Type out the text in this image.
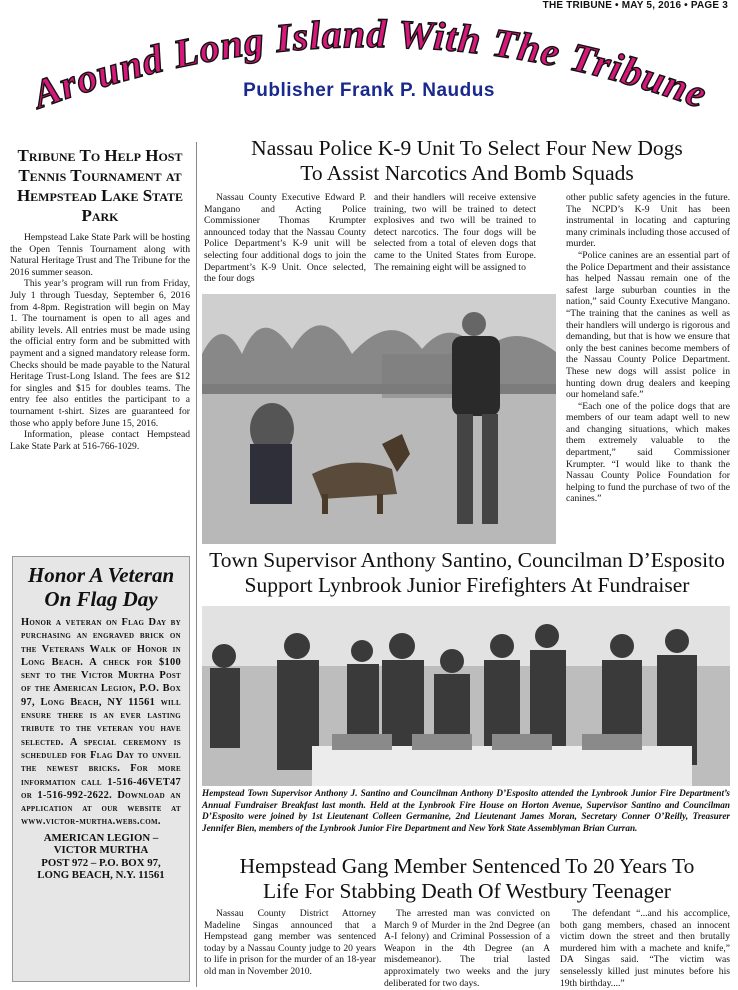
THE TRIBUNE • MAY 5, 2016 • PAGE 3
Around Long Island With The Tribune
Publisher Frank P. Naudus
Tribune To Help Host Tennis Tournament at Hempstead Lake State Park

Hempstead Lake State Park will be hosting the Open Tennis Tournament along with Natural Heritage Trust and The Tribune for the 2016 summer season.

This year’s program will run from Friday, July 1 through Tuesday, September 6, 2016 from 4-8pm. Registration will begin on May 1. The tournament is open to all ages and ability levels. All entries must be made using the official entry form and be submitted with payment and a signed mandatory release form. Checks should be made payable to the Natural Heritage Trust-Long Island. The fees are $12 for singles and $15 for doubles teams. The entry fee also entitles the participant to a tournament t-shirt. Sizes are guaranteed for those who apply before June 15, 2016.

Information, please contact Hempstead Lake State Park at 516-766-1029.

Honor A Veteran On Flag Day
Honor a veteran on Flag Day by purchasing an engraved brick on the Veterans Walk of Honor in Long Beach. A check for $100 sent to the Victor Murtha Post of the American Legion, P.O. Box 97, Long Beach, NY 11561 will ensure there is an ever lasting tribute to the veteran you have selected. A special ceremony is scheduled for Flag Day to unveil the newest bricks. For more information call 1-516-46VET47 or 1-516-992-2622. Download an application at our website at www.victor-murtha.webs.com.
AMERICAN LEGION –
VICTOR MURTHA
POST 972 – P.O. BOX 97,
LONG BEACH, N.Y. 11561
Nassau Police K-9 Unit To Select Four New Dogs
To Assist Narcotics And Bomb Squads

Nassau County Executive Edward P. Mangano and Acting Police Commissioner Thomas Krumpter announced today that the Nassau County Police Department’s K-9 unit will be selecting four additional dogs to join the Department’s K-9 Unit. Once selected, the four dogs

and their handlers will receive extensive training, two will be trained to detect explosives and two will be trained to detect narcotics. The four dogs will be selected from a total of eleven dogs that came to the United States from Europe. The remaining eight will be assigned to

other public safety agencies in the future. The NCPD’s K-9 Unit has been instrumental in locating and capturing many criminals including those accused of murder.

“Police canines are an essential part of the Police Department and their assistance has helped Nassau remain one of the safest large suburban counties in the nation,” said County Executive Mangano. “The training that the canines as well as their handlers will undergo is rigorous and demanding, but that is how we ensure that only the best canines become members of the Nassau County Police Department. These new dogs will assist police in hunting down drug dealers and keeping our homeland safe.”

“Each one of the police dogs that are members of our team adapt well to new and changing situations, which makes them extremely valuable to the department,” said Commissioner Krumpter. “I would like to thank the Nassau County Police Foundation for helping to fund the purchase of two of the canines.”

Town Supervisor Anthony Santino, Councilman D’Esposito
Support Lynbrook Junior Firefighters At Fundraiser
Hempstead Town Supervisor Anthony J. Santino and Councilman Anthony D’Esposito attended the Lynbrook Junior Fire Department’s Annual Fundraiser Breakfast last month. Held at the Lynbrook Fire House on Horton Avenue, Supervisor Santino and Councilman D’Esposito were joined by 1st Lieutenant Colleen Germanine, 2nd Lieutenant James Moran, Secretary Conner O’Reilly, Treasurer Jennifer Bien, members of the Lynbrook Junior Fire Department and New York State Assemblyman Brian Curran.
Hempstead Gang Member Sentenced To 20 Years To
Life For Stabbing Death Of Westbury Teenager

Nassau County District Attorney Madeline Singas announced that a Hempstead gang member was sentenced today by a Nassau County judge to 20 years to life in prison for the murder of an 18-year old man in November 2010.

The arrested man was convicted on March 9 of Murder in the 2nd Degree (an A-I felony) and Criminal Possession of a Weapon in the 4th Degree (an A misdemeanor). The trial lasted approximately two weeks and the jury deliberated for two days.

The defendant “...and his accomplice, both gang members, chased an innocent victim down the street and then brutally murdered him with a machete and knife,” DA Singas said. “The victim was senselessly killed just minutes before his 19th birthday....”
